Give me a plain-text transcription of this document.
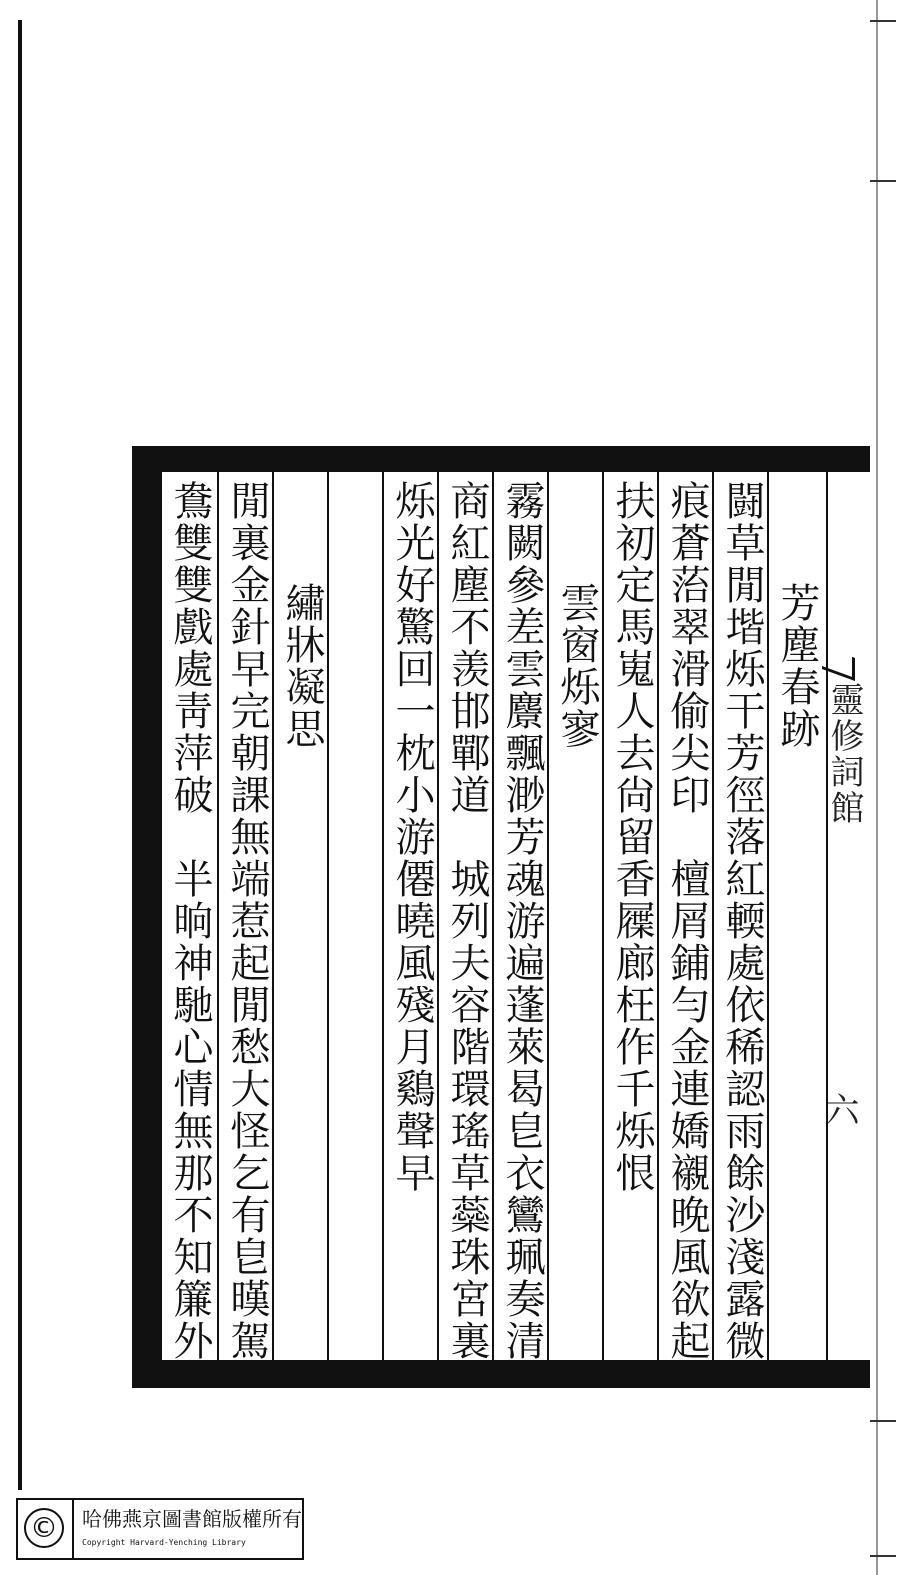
芳塵春跡
闘草閒堦烁干芳徑落紅輭處依稀認雨餘沙淺露微
痕蒼菭翠滑偷尖印　檀屑鋪勻金連嬌襯晚風欲起
扶初定馬嵬人去尙留香屧廊枉作千烁恨
雲窗烁寥
霧闕參差雲麖飄渺芳魂游遍蓬萊曷皀衣鸞珮奏清
商紅塵不羡邯鄲道　城列夫容階環瑤草蘂珠宮裏
烁光好驚回一枕小游僊曉風殘月鷄聲早
繡牀凝思
閒裏金針早完朝課無端惹起閒愁大怪乞有皀暵駕
鴦雙雙戲處靑萍破　半晌神馳心情無那不知簾外	靈修詞館
六
©	哈佛燕京圖書館版權所有
Copyright Harvard-Yenching Library
